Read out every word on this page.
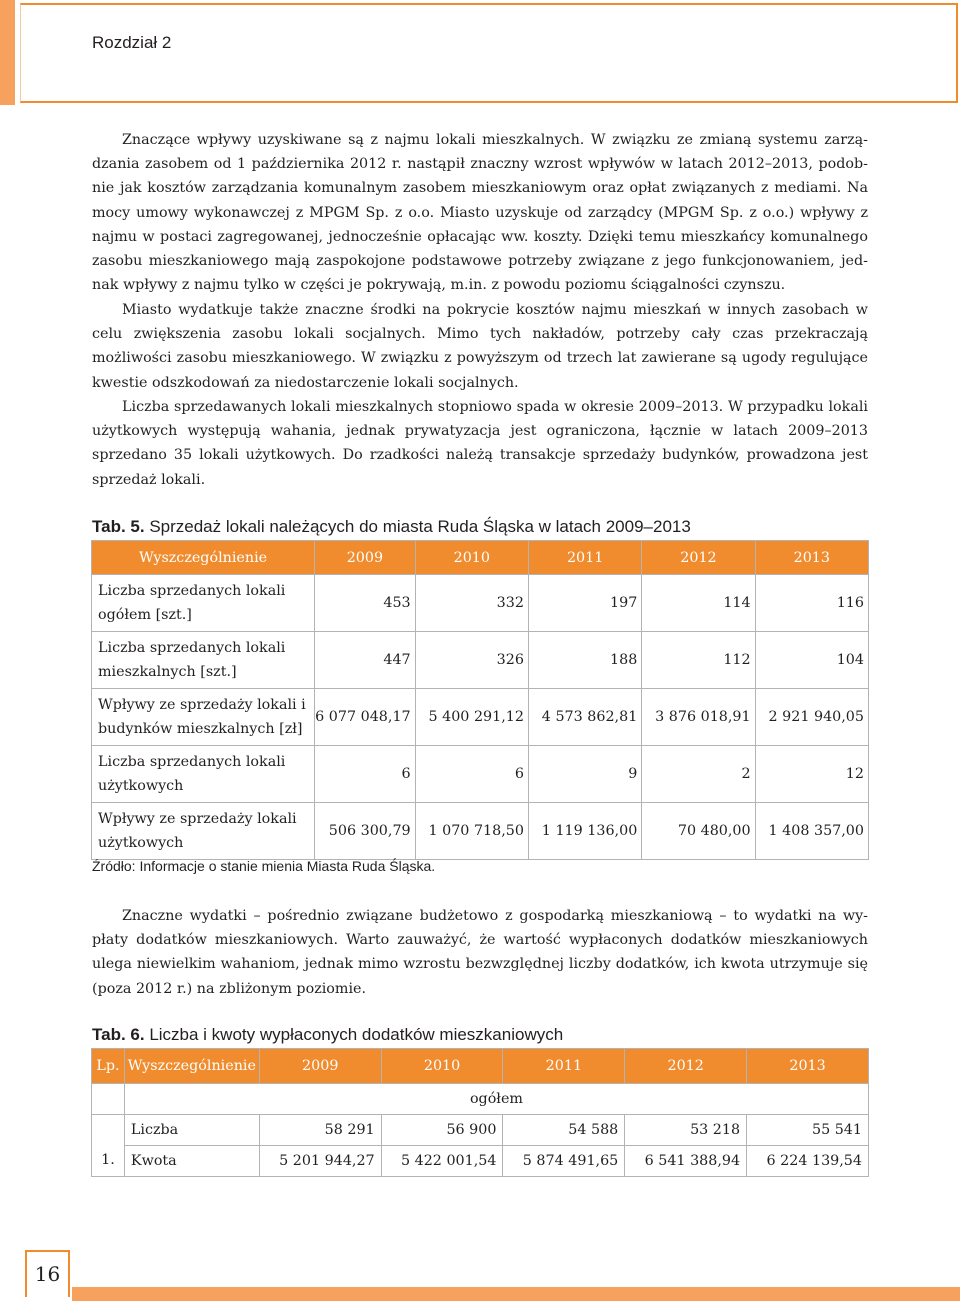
Rozdział 2

Znaczące wpływy uzyskiwane są z najmu lokali mieszkalnych. W związku ze zmianą systemu zarządzania zasobem od 1 października 2012 r. nastąpił znaczny wzrost wpływów w latach 2012–2013, podobnie jak kosztów zarządzania komunalnym zasobem mieszkaniowym oraz opłat związanych z mediami. Na mocy umowy wykonawczej z MPGM Sp. z o.o. Miasto uzyskuje od zarządcy (MPGM Sp. z o.o.) wpływy z najmu w postaci zagregowanej, jednocześnie opłacając ww. koszty. Dzięki temu mieszkańcy komunalnego zasobu mieszkaniowego mają zaspokojone podstawowe potrzeby związane z jego funkcjonowaniem, jednak wpływy z najmu tylko w części je pokrywają, m.in. z powodu poziomu ściągalności czynszu.

Miasto wydatkuje także znaczne środki na pokrycie kosztów najmu mieszkań w innych zasobach w celu zwiększenia zasobu lokali socjalnych. Mimo tych nakładów, potrzeby cały czas przekraczają możliwości zasobu mieszkaniowego. W związku z powyższym od trzech lat zawierane są ugody regulujące kwestie odszkodowań za niedostarczenie lokali socjalnych.

Liczba sprzedawanych lokali mieszkalnych stopniowo spada w okresie 2009–2013. W przypadku lokali użytkowych występują wahania, jednak prywatyzacja jest ograniczona, łącznie w latach 2009–2013 sprzedano 35 lokali użytkowych. Do rzadkości należą transakcje sprzedaży budynków, prowadzona jest sprzedaż lokali.

Tab. 5. Sprzedaż lokali należących do miasta Ruda Śląska w latach 2009–2013
Wyszczególnienie	2009	2010	2011	2012	2013
Liczba sprzedanych lokali ogółem [szt.]	453	332	197	114	116
Liczba sprzedanych lokali mieszkalnych [szt.]	447	326	188	112	104
Wpływy ze sprzedaży lokali i budynków mieszkalnych [zł]	6 077 048,17	5 400 291,12	4 573 862,81	3 876 018,91	2 921 940,05
Liczba sprzedanych lokali użytkowych	6	6	9	2	12
Wpływy ze sprzedaży lokali użytkowych	506 300,79	1 070 718,50	1 119 136,00	70 480,00	1 408 357,00
Źródło: Informacje o stanie mienia Miasta Ruda Śląska.

Znaczne wydatki – pośrednio związane budżetowo z gospodarką mieszkaniową – to wydatki na wypłaty dodatków mieszkaniowych. Warto zauważyć, że wartość wypłaconych dodatków mieszkaniowych ulega niewielkim wahaniom, jednak mimo wzrostu bezwzględnej liczby dodatków, ich kwota utrzymuje się (poza 2012 r.) na zbliżonym poziomie.

Tab. 6. Liczba i kwoty wypłaconych dodatków mieszkaniowych
Lp.	Wyszczególnienie	2009	2010	2011	2012	2013
	ogółem					
1.	Liczba	58 291	56 900	54 588	53 218	55 541
	Kwota	5 201 944,27	5 422 001,54	5 874 491,65	6 541 388,94	6 224 139,54
16
